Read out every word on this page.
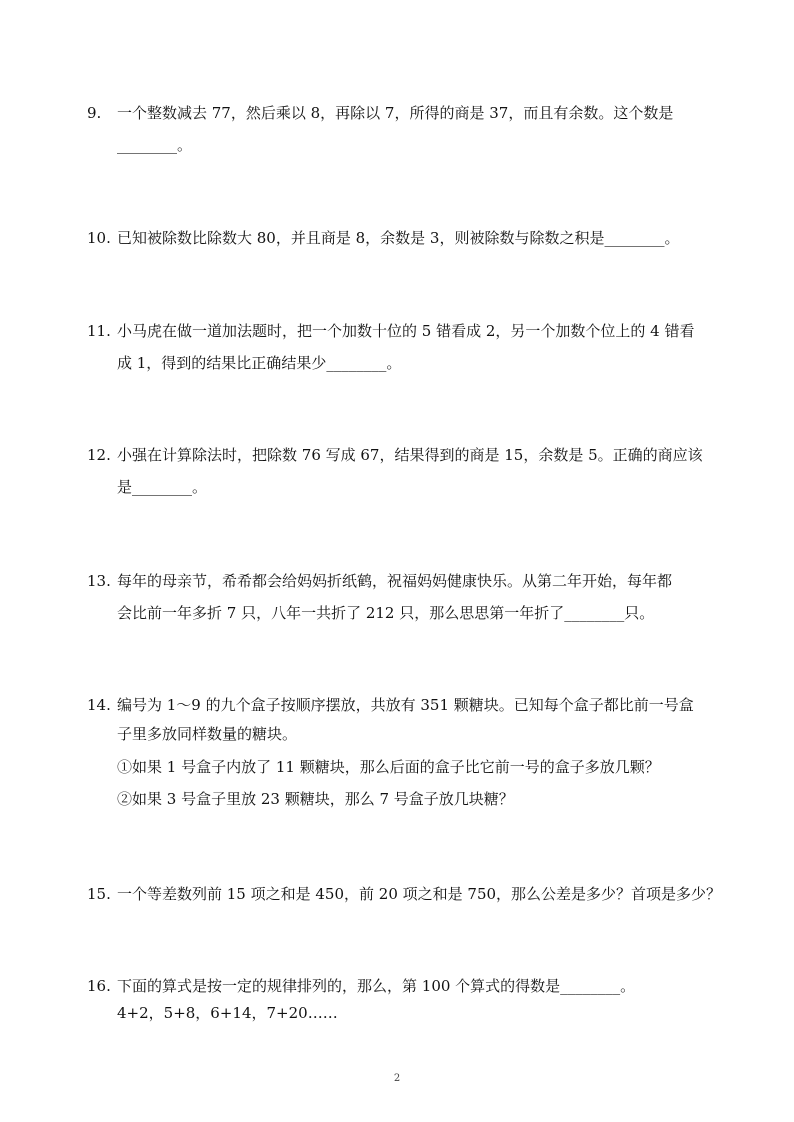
9. 一个整数减去 77，然后乘以 8，再除以 7，所得的商是 37，而且有余数。这个数是
________。
10. 已知被除数比除数大 80，并且商是 8，余数是 3，则被除数与除数之积是________。
11. 小马虎在做一道加法题时，把一个加数十位的 5 错看成 2，另一个加数个位上的 4 错看
成 1，得到的结果比正确结果少________。
12. 小强在计算除法时，把除数 76 写成 67，结果得到的商是 15，余数是 5。正确的商应该
是________。
13. 每年的母亲节，希希都会给妈妈折纸鹤，祝福妈妈健康快乐。从第二年开始，每年都
会比前一年多折 7 只，八年一共折了 212 只，那么思思第一年折了________只。
14. 编号为 1～9 的九个盒子按顺序摆放，共放有 351 颗糖块。已知每个盒子都比前一号盒
子里多放同样数量的糖块。
①如果 1 号盒子内放了 11 颗糖块，那么后面的盒子比它前一号的盒子多放几颗？
②如果 3 号盒子里放 23 颗糖块，那么 7 号盒子放几块糖？
15. 一个等差数列前 15 项之和是 450，前 20 项之和是 750，那么公差是多少？首项是多少？
16. 下面的算式是按一定的规律排列的，那么，第 100 个算式的得数是________。
4+2，5+8，6+14，7+20……
2
